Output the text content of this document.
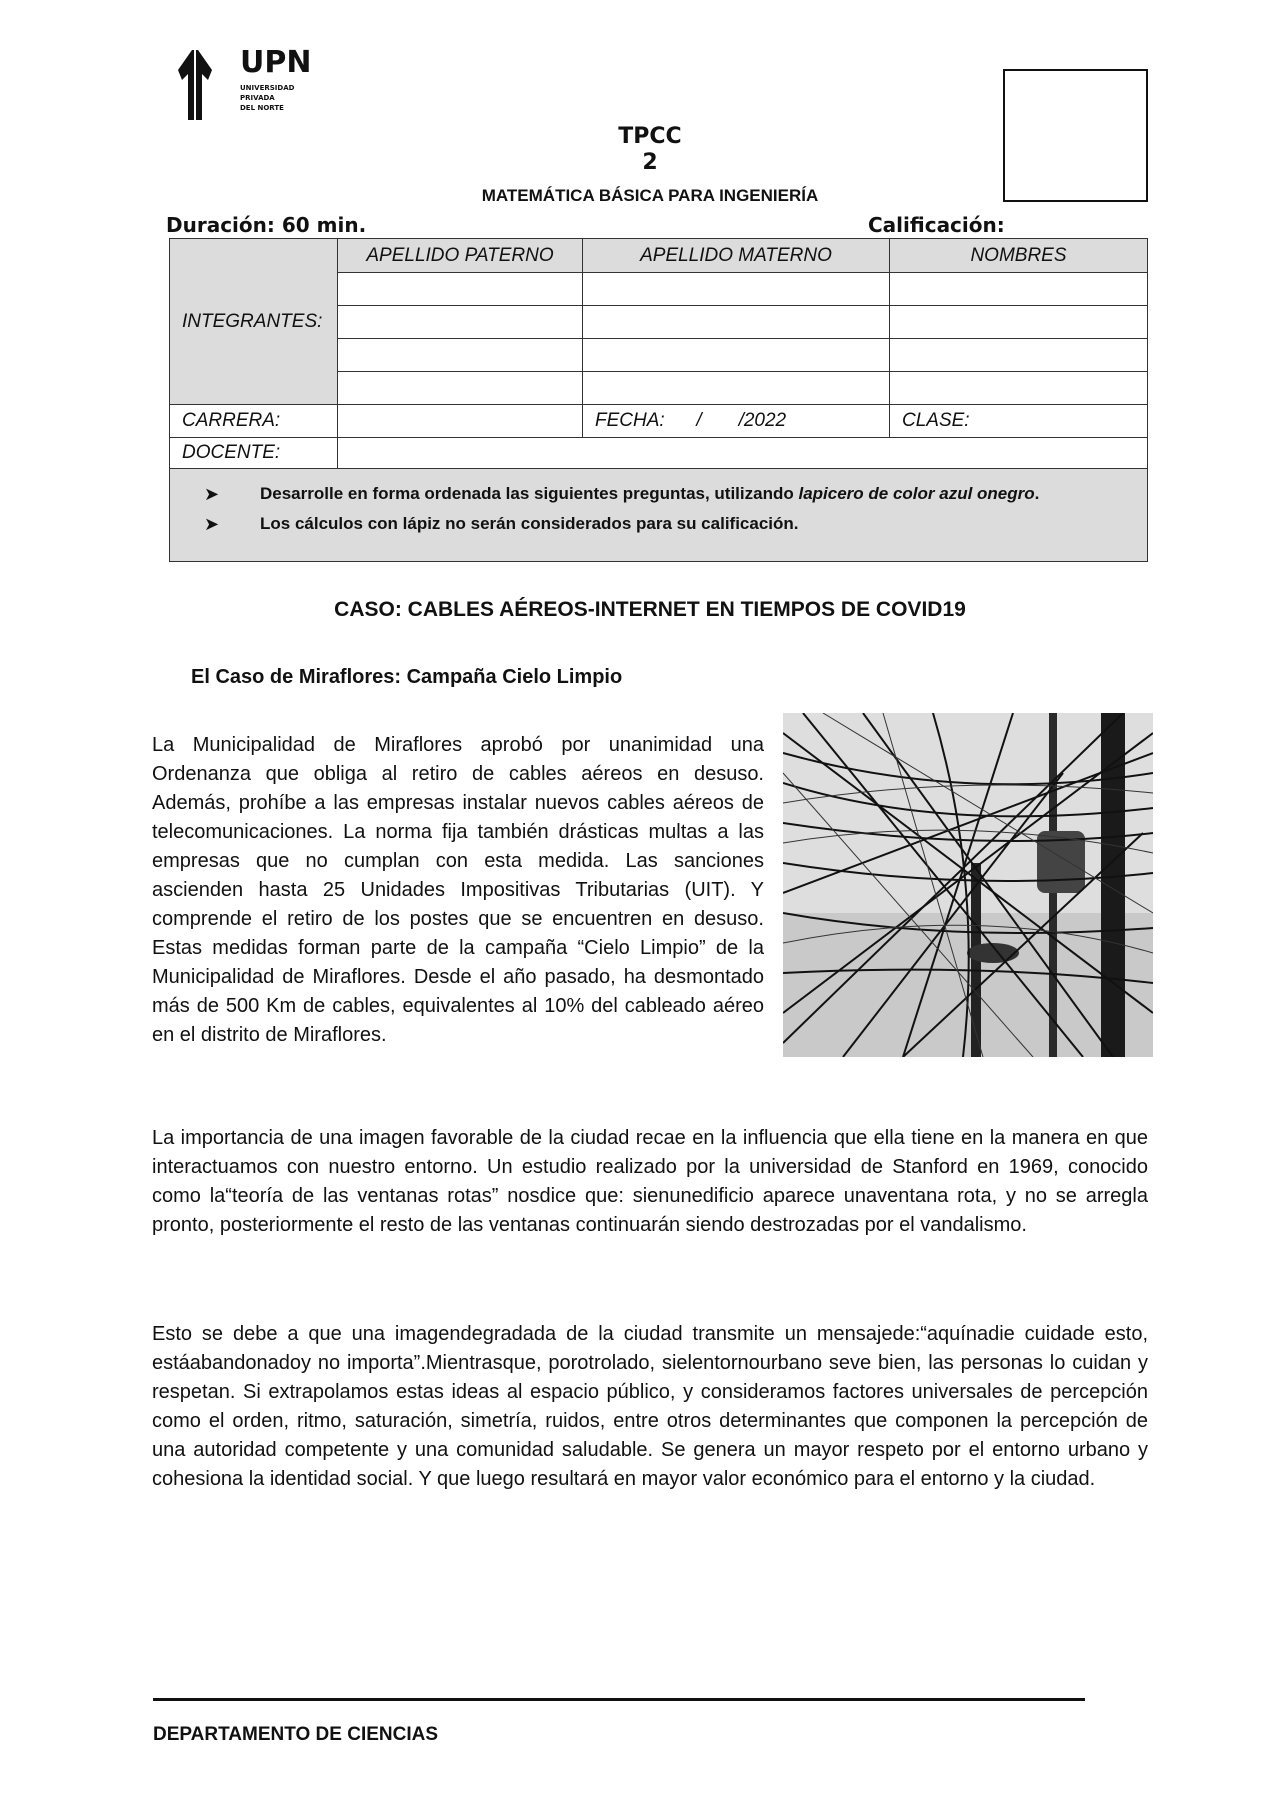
UPN
UNIVERSIDAD
PRIVADA
DEL NORTE
TPCC
2
MATEMÁTICA BÁSICA PARA INGENIERÍA
Duración: 60 min.	Calificación:
INTEGRANTES:	APELLIDO PATERNO	APELLIDO MATERNO	NOMBRES

CARRERA:		FECHA:      /       /2022	CLASE:
DOCENTE:			

➤ Desarrolle en forma ordenada las siguientes preguntas, utilizando lapicero de color azul onegro.
➤ Los cálculos con lápiz no serán considerados para su calificación.			
CASO: CABLES AÉREOS-INTERNET EN TIEMPOS DE COVID19
El Caso de Miraflores: Campaña Cielo Limpio
La Municipalidad de Miraflores aprobó por unanimidad una Ordenanza que obliga al retiro de cables aéreos en desuso. Además, prohíbe a las empresas instalar nuevos cables aéreos de telecomunicaciones. La norma fija también drásticas multas a las empresas que no cumplan con esta medida. Las sanciones ascienden hasta 25 Unidades Impositivas Tributarias (UIT). Y comprende el retiro de los postes que se encuentren en desuso. Estas medidas forman parte de la campaña “Cielo Limpio” de la Municipalidad de Miraflores. Desde el año pasado, ha desmontado más de 500 Km de cables, equivalentes al 10% del cableado aéreo en el distrito de Miraflores.
La importancia de una imagen favorable de la ciudad recae en la influencia que ella tiene en la manera en que interactuamos con nuestro entorno. Un estudio realizado por la universidad de Stanford en 1969, conocido como la“teoría de las ventanas rotas” nosdice que: sienunedificio aparece unaventana rota, y no se arregla pronto, posteriormente el resto de las ventanas continuarán siendo destrozadas por el vandalismo.
Esto se debe a que una imagendegradada de la ciudad transmite un mensajede:“aquínadie cuidade esto, estáabandonadoy no importa”.Mientrasque, porotrolado, sielentornourbano seve bien, las personas lo cuidan y respetan. Si extrapolamos estas ideas al espacio público, y consideramos factores universales de percepción como el orden, ritmo, saturación, simetría, ruidos, entre otros determinantes que componen la percepción de una autoridad competente y una comunidad saludable. Se genera un mayor respeto por el entorno urbano y cohesiona la identidad social. Y que luego resultará en mayor valor económico para el entorno y la ciudad.
DEPARTAMENTO DE CIENCIAS
